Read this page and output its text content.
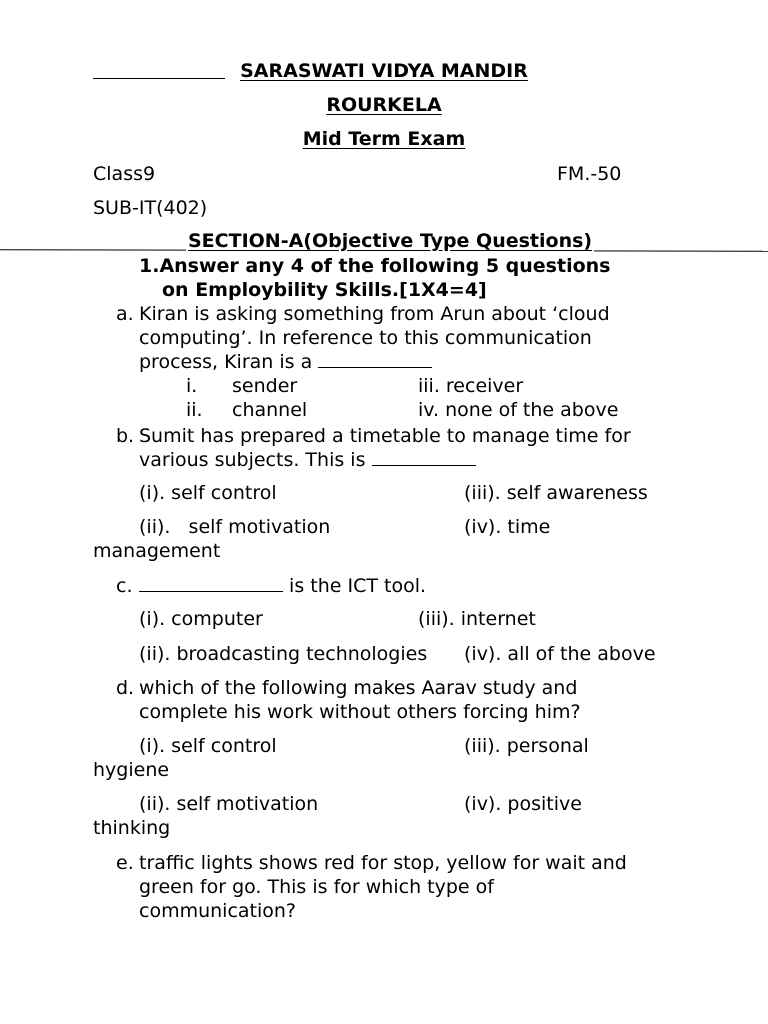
SARASWATI VIDYA MANDIR
ROURKELA
Mid Term Exam
Class9	FM.-50
SUB-IT(402)
SECTION-A(Objective Type Questions)
1.Answer any 4 of the following 5 questions
on Employbility Skills.[1X4=4]
a. Kiran is asking something from Arun about ‘cloud
computing’. In reference to this communication
process, Kiran is a
i. sender	iii. receiver
ii. channel	iv. none of the above
b. Sumit has prepared a timetable to manage time for
various subjects. This is
(i). self control	(iii). self awareness
(ii).   self motivation	(iv). time
management
c.	is the ICT tool.
(i). computer	(iii). internet
(ii). broadcasting technologies (iv). all of the above
d. which of the following makes Aarav study and
complete his work without others forcing him?
(i). self control	(iii). personal
hygiene
(ii). self motivation	(iv). positive
thinking
e. traffic lights shows red for stop, yellow for wait and
green for go. This is for which type of
communication?
